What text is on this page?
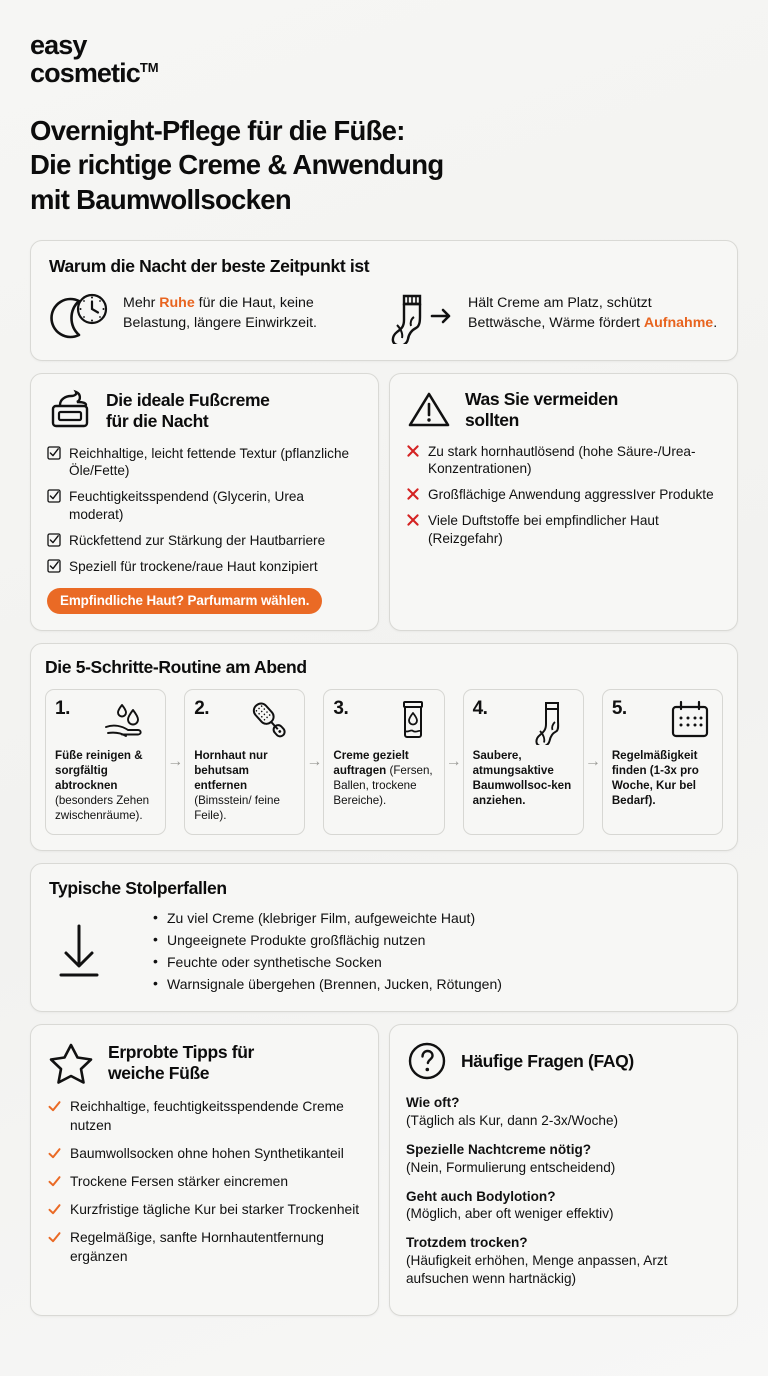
easy
cosmetic™
Overnight-Pflege für die Füße:
Die richtige Creme & Anwendung
mit Baumwollsocken
Warum die Nacht der beste Zeitpunkt ist
Mehr Ruhe für die Haut, keine Belastung, längere Einwirkzeit.
Hält Creme am Platz, schützt Bettwäsche, Wärme fördert Aufnahme.
Die ideale Fußcreme
für die Nacht
Reichhaltige, leicht fettende Textur (pflanzliche Öle/Fette)
Feuchtigkeitsspendend (Glycerin, Urea moderat)
Rückfettend zur Stärkung der Hautbarriere
Speziell für trockene/raue Haut konzipiert
Empfindliche Haut? Parfumarm wählen.
Was Sie vermeiden
sollten
Zu stark hornhautlösend (hohe Säure-/Urea-Konzentrationen)
Großflächige Anwendung aggressIver Produkte
Viele Duftstoffe bei empfindlicher Haut (Reizgefahr)
Die 5-Schritte-Routine am Abend
1.
Füße reinigen & sorgfältig abtrocknen (besonders Zehen zwischenräume).
→
2.
Hornhaut nur behutsam entfernen (Bimsstein/ feine Feile).
→
3.
Creme gezielt auftragen (Fersen, Ballen, trockene Bereiche).
→
4.
Saubere, atmungsaktive Baumwollsoc-ken anziehen.
→
5.
Regelmäßigkeit finden (1-3x pro Woche, Kur bel Bedarf).
Typische Stolperfallen
• Zu viel Creme (klebriger Film, aufgeweichte Haut)
• Ungeeignete Produkte großflächig nutzen
• Feuchte oder synthetische Socken
• Warnsignale übergehen (Brennen, Jucken, Rötungen)
Erprobte Tipps für
weiche Füße
Reichhaltige, feuchtigkeitsspendende Creme nutzen
Baumwollsocken ohne hohen Synthetikanteil
Trockene Fersen stärker eincremen
Kurzfristige tägliche Kur bei starker Trockenheit
Regelmäßige, sanfte Hornhautentfernung ergänzen
Häufige Fragen (FAQ)
Wie oft?
(Täglich als Kur, dann 2-3x/Woche)
Spezielle Nachtcreme nötig?
(Nein, Formulierung entscheidend)
Geht auch Bodylotion?
(Möglich, aber oft weniger effektiv)
Trotzdem trocken?
(Häufigkeit erhöhen, Menge anpassen, Arzt aufsuchen wenn hartnäckig)
